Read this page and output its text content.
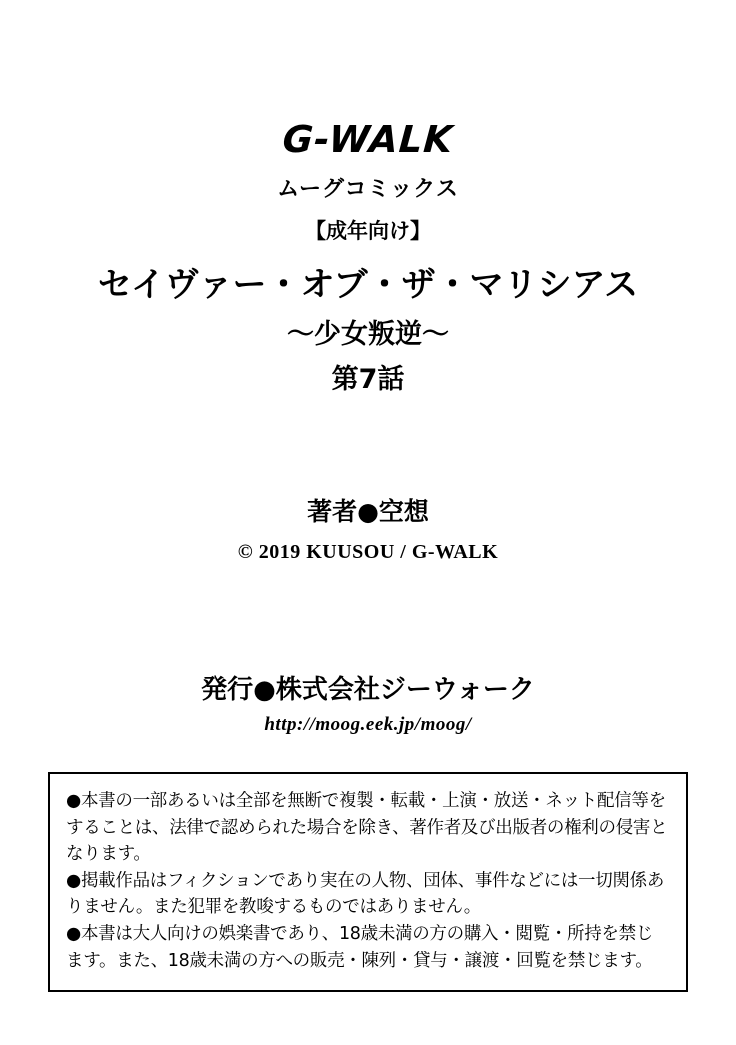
G-WALK
ムーグコミックス
【成年向け】
セイヴァー・オブ・ザ・マリシアス
〜少女叛逆〜
第7話
著者●空想
© 2019 KUUSOU / G-WALK
発行●株式会社ジーウォーク
http://moog.eek.jp/moog/
●本書の一部あるいは全部を無断で複製・転載・上演・放送・ネット配信等をすることは、法律で認められた場合を除き、著作者及び出版者の権利の侵害となります。
●掲載作品はフィクションであり実在の人物、団体、事件などには一切関係ありません。また犯罪を教唆するものではありません。
●本書は大人向けの娯楽書であり、18歳未満の方の購入・閲覧・所持を禁じます。また、18歳未満の方への販売・陳列・貸与・譲渡・回覧を禁じます。
